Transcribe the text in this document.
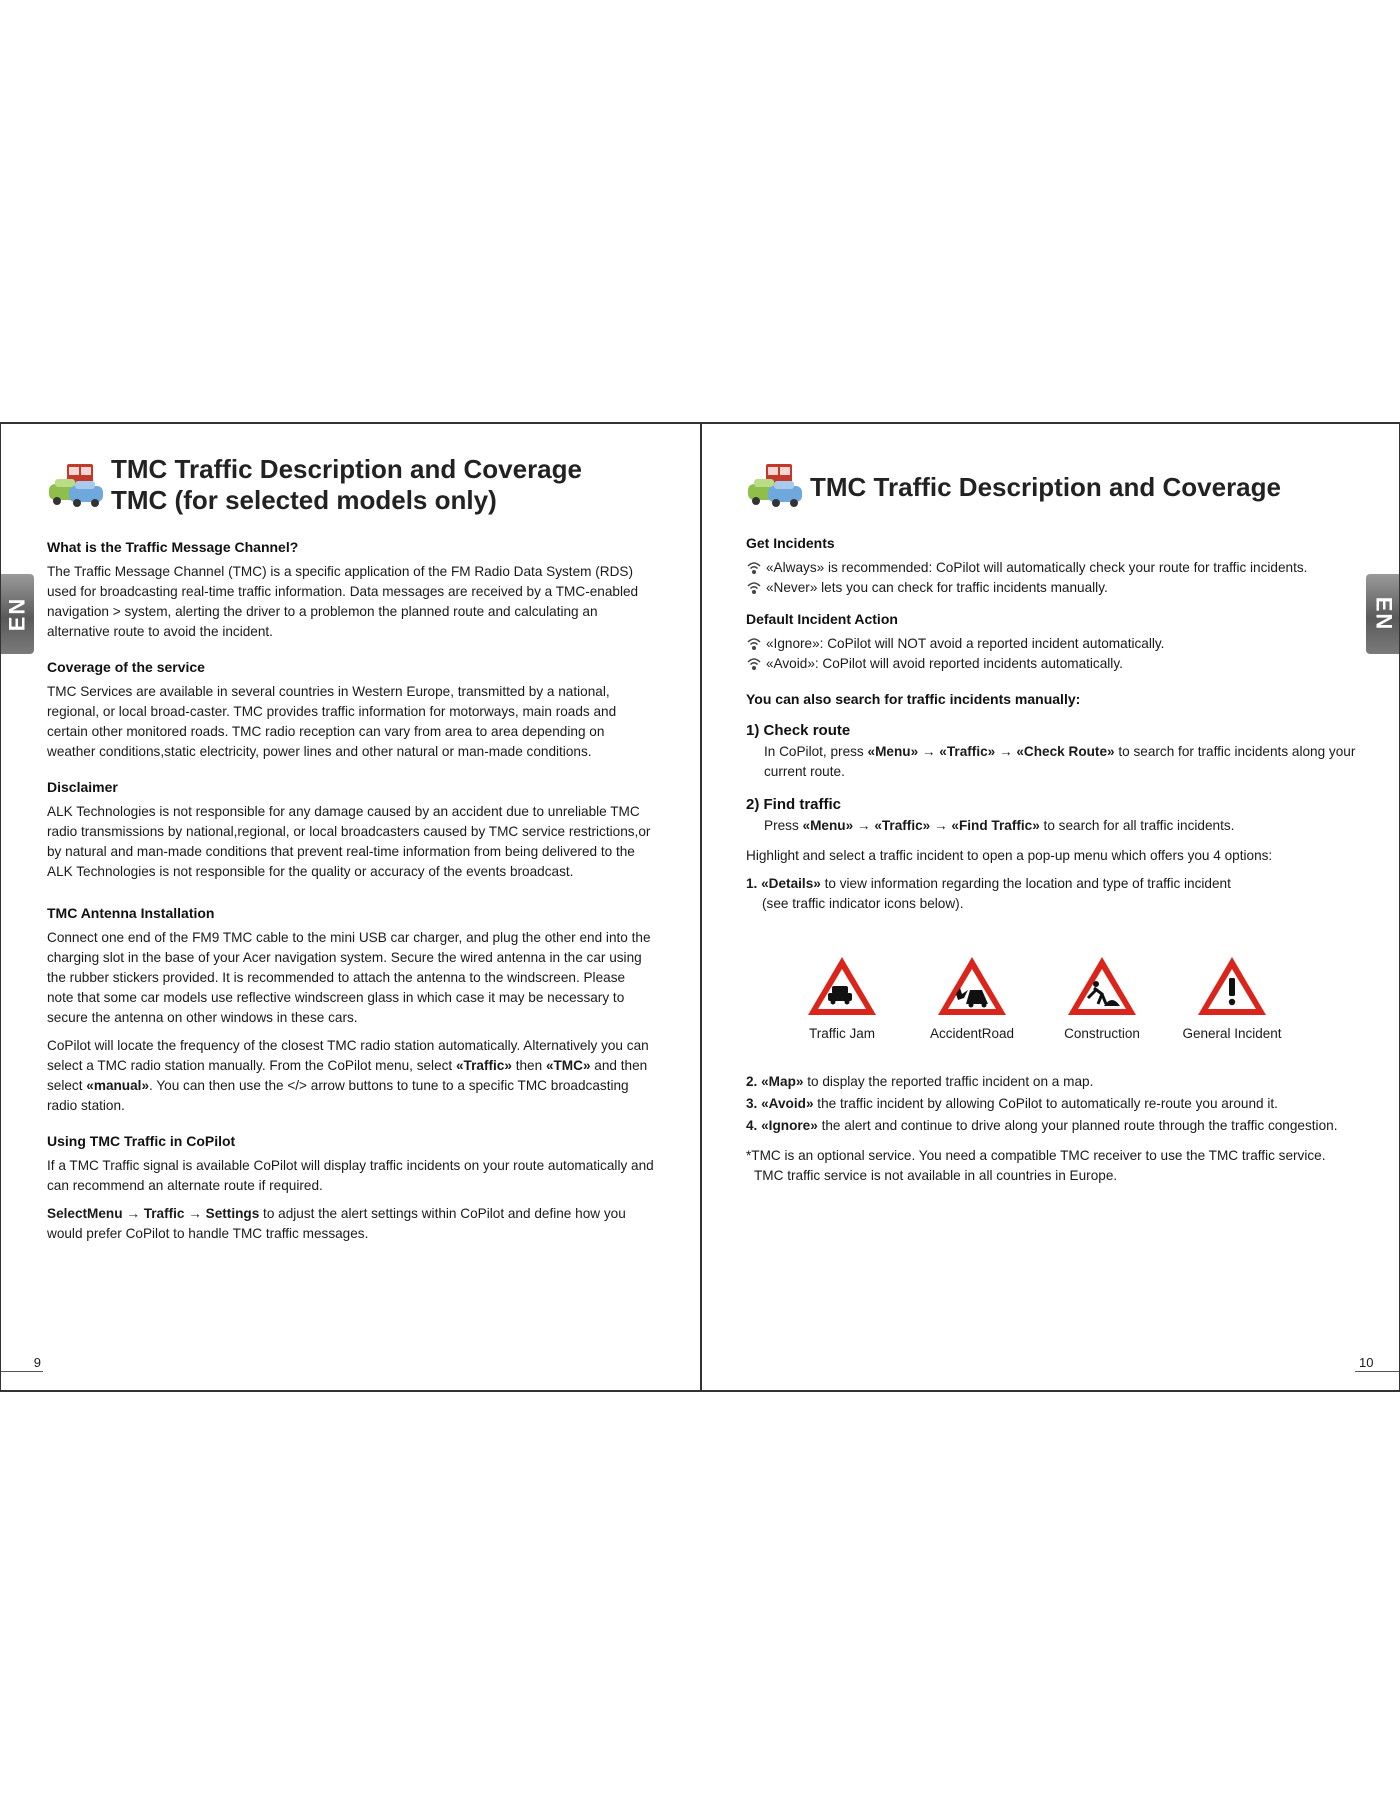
EN	EN
TMC Traffic Description and Coverage
TMC (for selected models only)
What is the Traffic Message Channel?

The Traffic Message Channel (TMC) is a specific application of the FM Radio Data System (RDS) used for broadcasting real-time traffic information. Data messages are received by a TMC-enabled navigation > system, alerting the driver to a problemon the planned route and calculating an alternative route to avoid the incident.

Coverage of the service

TMC Services are available in several countries in Western Europe, transmitted by a national, regional, or local broad-caster. TMC provides traffic information for motorways, main roads and certain other monitored roads. TMC radio reception can vary from area to area depending on weather conditions,static electricity, power lines and other natural or man-made conditions.

Disclaimer

ALK Technologies is not responsible for any damage caused by an accident due to unreliable TMC radio transmissions by national,regional, or local broadcasters caused by TMC service restrictions,or by natural and man-made conditions that prevent real-time information from being delivered to the ALK Technologies is not responsible for the quality or accuracy of the events broadcast.

TMC Antenna Installation

Connect one end of the FM9 TMC cable to the mini USB car charger, and plug the other end into the charging slot in the base of your Acer navigation system. Secure the wired antenna in the car using the rubber stickers provided. It is recommended to attach the antenna to the windscreen. Please note that some car models use reflective windscreen glass in which case it may be necessary to secure the antenna on other windows in these cars.

CoPilot will locate the frequency of the closest TMC radio station automatically. Alternatively you can select a TMC radio station manually. From the CoPilot menu, select «Traffic» then «TMC» and then select «manual». You can then use the </> arrow buttons to tune to a specific TMC broadcasting radio station.

Using TMC Traffic in CoPilot

If a TMC Traffic signal is available CoPilot will display traffic incidents on your route automatically and can recommend an alternate route if required.

SelectMenu → Traffic → Settings to adjust the alert settings within CoPilot and define how you would prefer CoPilot to handle TMC traffic messages.

9
TMC Traffic Description and Coverage
Get Incidents
«Always» is recommended: CoPilot will automatically check your route for traffic incidents.
«Never» lets you can check for traffic incidents manually.
Default Incident Action
«Ignore»: CoPilot will NOT avoid a reported incident automatically.
«Avoid»: CoPilot will avoid reported incidents automatically.
You can also search for traffic incidents manually:
1) Check route

In CoPilot, press «Menu» → «Traffic» → «Check Route» to search for traffic incidents along your current route.

2) Find traffic

Press «Menu» → «Traffic» → «Find Traffic» to search for all traffic incidents.

Highlight and select a traffic incident to open a pop-up menu which offers you 4 options:

1. «Details» to view information regarding the location and type of traffic incident
(see traffic indicator icons below).
Traffic Jam	AccidentRoad	Construction	General Incident
2. «Map» to display the reported traffic incident on a map.
3. «Avoid» the traffic incident by allowing CoPilot to automatically re-route you around it.
4. «Ignore» the alert and continue to drive along your planned route through the traffic congestion.

*TMC is an optional service. You need a compatible TMC receiver to use the TMC traffic service. TMC traffic service is not available in all countries in Europe.

10
